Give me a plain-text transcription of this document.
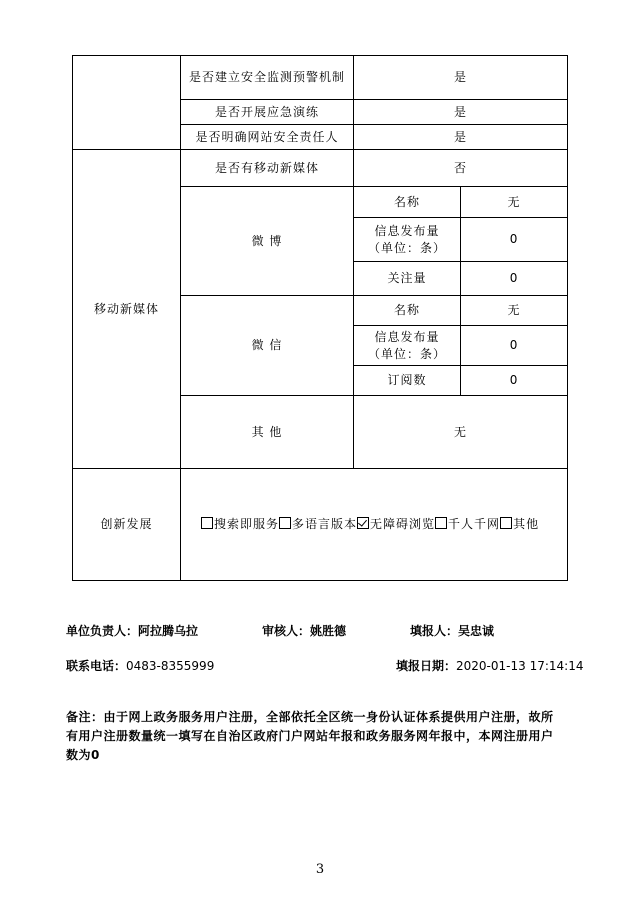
	是否建立安全监测预警机制	是	
	是否开展应急演练	是	
	是否明确网站安全责任人	是	
移动新媒体	是否有移动新媒体	否	
	微 博	名称	无

		信息发布量
（单位：条）	0
		关注量	0
	微 信	名称	无

		信息发布量
（单位：条）	0
		订阅数	0
	其 他	无	
创新发展	搜索即服务 多语言版本 无障碍浏览 千人千网 其他		
单位负责人：阿拉腾乌拉	审核人：姚胜德	填报人：吴忠诚
联系电话：0483-8355999	填报日期：2020-01-13 17:14:14
备注：由于网上政务服务用户注册，全部依托全区统一身份认证体系提供用户注册，故所有用户注册数量统一填写在自治区政府门户网站年报和政务服务网年报中，本网注册用户数为0
3
